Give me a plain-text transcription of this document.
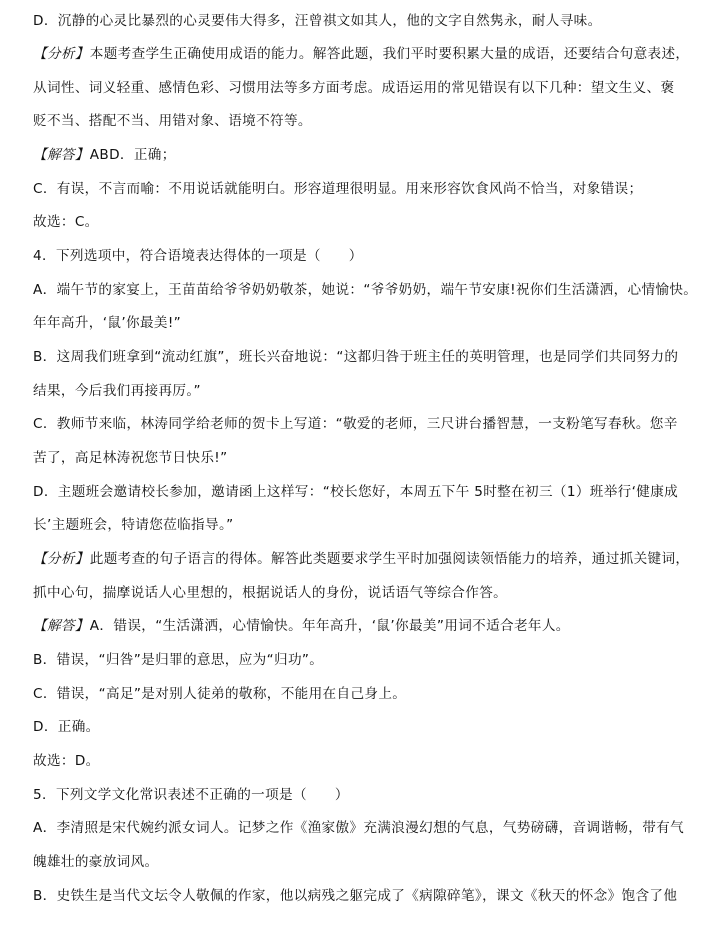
D．沉静的心灵比暴烈的心灵要伟大得多，汪曾祺文如其人，他的文字自然隽永，耐人寻味。
【分析】本题考查学生正确使用成语的能力。解答此题，我们平时要积累大量的成语，还要结合句意表述，
从词性、词义轻重、感情色彩、习惯用法等多方面考虑。成语运用的常见错误有以下几种：望文生义、褒
贬不当、搭配不当、用错对象、语境不符等。
【解答】ABD．正确；
C．有误，不言而喻：不用说话就能明白。形容道理很明显。用来形容饮食风尚不恰当，对象错误；
故选：C。
4．下列选项中，符合语境表达得体的一项是（　　）
A．端午节的家宴上，王苗苗给爷爷奶奶敬茶，她说：“爷爷奶奶，端午节安康!祝你们生活潇洒，心情愉快。
年年高升，‘鼠’你最美!”
B．这周我们班拿到“流动红旗”，班长兴奋地说：“这都归咎于班主任的英明管理，也是同学们共同努力的
结果，今后我们再接再厉。”
C．教师节来临，林涛同学给老师的贺卡上写道：“敬爱的老师，三尺讲台播智慧，一支粉笔写春秋。您辛
苦了，高足林涛祝您节日快乐!”
D．主题班会邀请校长参加，邀请函上这样写：“校长您好，本周五下午 5时整在初三（1）班举行‘健康成
长’主题班会，特请您莅临指导。”
【分析】此题考查的句子语言的得体。解答此类题要求学生平时加强阅读领悟能力的培养，通过抓关键词，
抓中心句，揣摩说话人心里想的，根据说话人的身份，说话语气等综合作答。
【解答】A．错误，“生活潇洒，心情愉快。年年高升，‘鼠’你最美”用词不适合老年人。
B．错误，“归咎”是归罪的意思，应为“归功”。
C．错误，“高足”是对别人徒弟的敬称，不能用在自己身上。
D．正确。
故选：D。
5．下列文学文化常识表述不正确的一项是（　　）
A．李清照是宋代婉约派女词人。记梦之作《渔家傲》充满浪漫幻想的气息，气势磅礴，音调谐畅，带有气
魄雄壮的豪放词风。
B．史铁生是当代文坛令人敬佩的作家，他以病残之躯完成了《病隙碎笔》，课文《秋天的怀念》饱含了他
